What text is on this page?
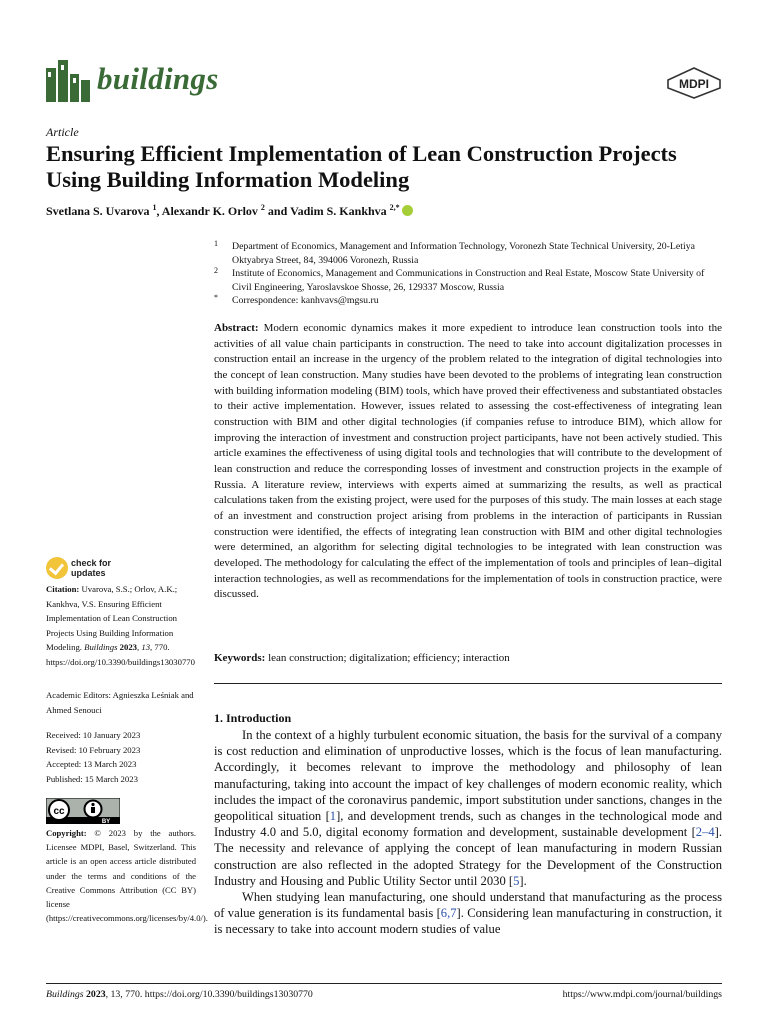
buildings	MDPI
Article
Ensuring Efficient Implementation of Lean Construction Projects Using Building Information Modeling
Svetlana S. Uvarova $^1$, Alexandr K. Orlov $^2$ and Vadim S. Kankhva $^{2,*}$
1 Department of Economics, Management and Information Technology, Voronezh State Technical University, 20-Letiya Oktyabrya Street, 84, 394006 Voronezh, Russia
2 Institute of Economics, Management and Communications in Construction and Real Estate, Moscow State University of Civil Engineering, Yaroslavskoe Shosse, 26, 129337 Moscow, Russia
* Correspondence: kanhvavs@mgsu.ru

Abstract: Modern economic dynamics makes it more expedient to introduce lean construction tools into the activities of all value chain participants in construction. The need to take into account digitalization processes in construction entail an increase in the urgency of the problem related to the integration of digital technologies into the concept of lean construction. Many studies have been devoted to the problems of integrating lean construction with building information modeling (BIM) tools, which have proved their effectiveness and substantiated obstacles to their active implementation. However, issues related to assessing the cost-effectiveness of integrating lean construction with BIM and other digital technologies (if companies refuse to introduce BIM), which allow for improving the interaction of investment and construction project participants, have not been actively studied. This article examines the effectiveness of using digital tools and technologies that will contribute to the development of lean construction and reduce the corresponding losses of investment and construction projects in the example of Russia. A literature review, interviews with experts aimed at summarizing the results, as well as practical calculations taken from the existing project, were used for the purposes of this study. The main losses at each stage of an investment and construction project arising from problems in the interaction of participants in Russian construction were identified, the effects of integrating lean construction with BIM and other digital technologies were determined, an algorithm for selecting digital technologies to be integrated with lean construction was developed. The methodology for calculating the effect of the implementation of tools and principles of lean–digital interaction technologies, as well as recommendations for the implementation of tools in construction practice, were discussed.

Keywords: lean construction; digitalization; efficiency; interaction
1. Introduction

In the context of a highly turbulent economic situation, the basis for the survival of a company is cost reduction and elimination of unproductive losses, which is the focus of lean manufacturing. Accordingly, it becomes relevant to improve the methodology and philosophy of lean manufacturing, taking into account the impact of key challenges of modern economic reality, which includes the impact of the coronavirus pandemic, import substitution under sanctions, changes in the geopolitical situation [1], and development trends, such as changes in the technological mode and Industry 4.0 and 5.0, digital economy formation and development, sustainable development [2–4]. The necessity and relevance of applying the concept of lean manufacturing in modern Russian construction are also reflected in the adopted Strategy for the Development of the Construction Industry and Housing and Public Utility Sector until 2030 [5].

When studying lean manufacturing, one should understand that manufacturing as the process of value generation is its fundamental basis [6,7]. Considering lean manufacturing in construction, it is necessary to take into account modern studies of value

check for
updates
Citation: Uvarova, S.S.; Orlov, A.K.; Kankhva, V.S. Ensuring Efficient Implementation of Lean Construction Projects Using Building Information Modeling. Buildings 2023, 13, 770. https://doi.org/10.3390/buildings13030770
Academic Editors: Agnieszka Leśniak and Ahmed Senouci
Received: 10 January 2023
Revised: 10 February 2023
Accepted: 13 March 2023
Published: 15 March 2023
cc
BY
Copyright: © 2023 by the authors. Licensee MDPI, Basel, Switzerland. This article is an open access article distributed under the terms and conditions of the Creative Commons Attribution (CC BY) license (https://creativecommons.org/licenses/by/4.0/).
Buildings 2023, 13, 770. https://doi.org/10.3390/buildings13030770	https://www.mdpi.com/journal/buildings
